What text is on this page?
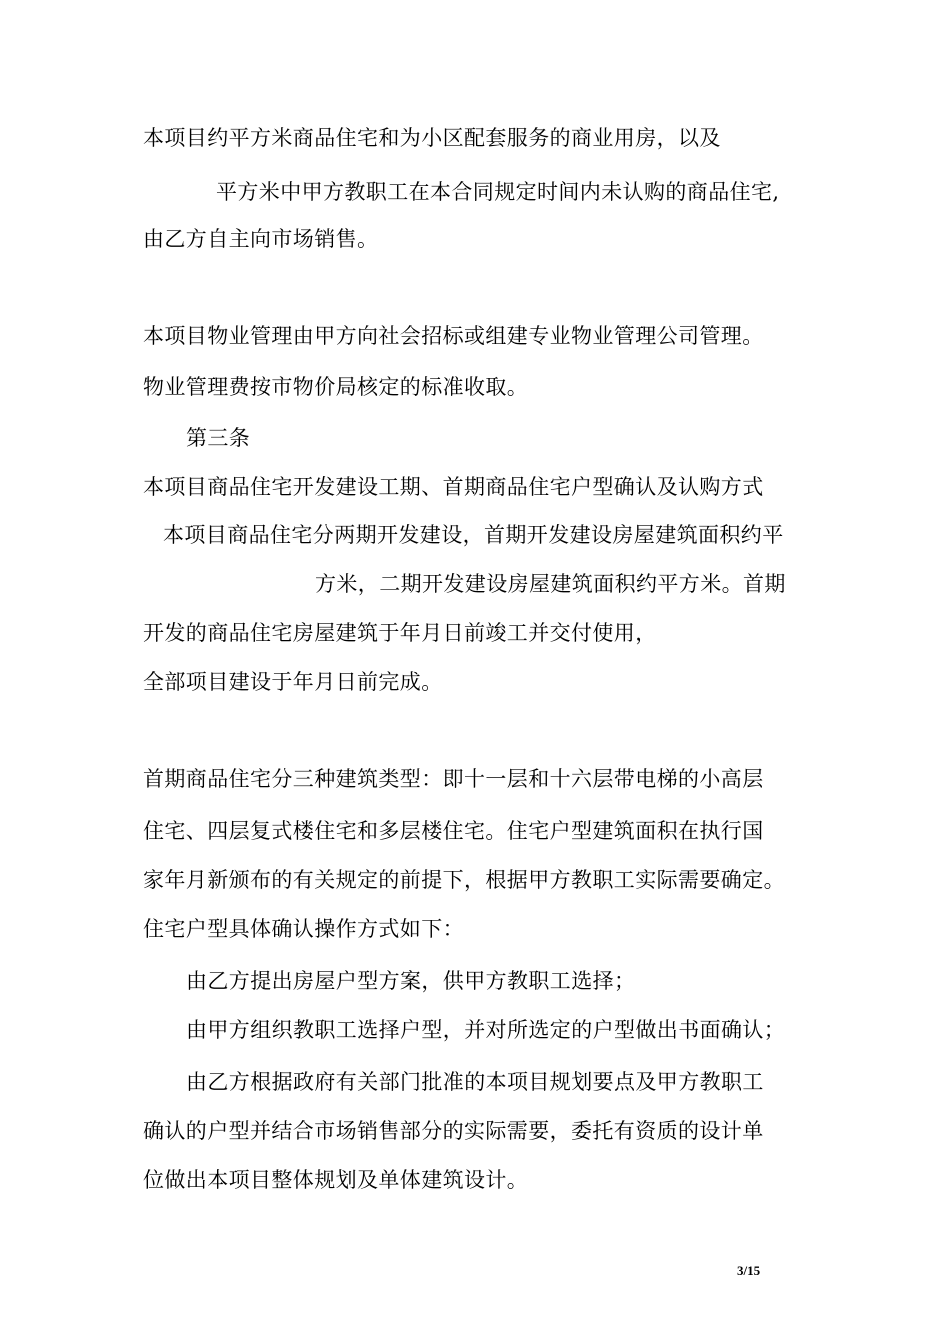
本项目约平方米商品住宅和为小区配套服务的商业用房，以及
平方米中甲方教职工在本合同规定时间内未认购的商品住宅,
由乙方自主向市场销售。
本项目物业管理由甲方向社会招标或组建专业物业管理公司管理。
物业管理费按市物价局核定的标准收取。
第三条
本项目商品住宅开发建设工期、首期商品住宅户型确认及认购方式
本项目商品住宅分两期开发建设，首期开发建设房屋建筑面积约平
方米，二期开发建设房屋建筑面积约平方米。首期
开发的商品住宅房屋建筑于年月日前竣工并交付使用，
全部项目建设于年月日前完成。
首期商品住宅分三种建筑类型：即十一层和十六层带电梯的小高层
住宅、四层复式楼住宅和多层楼住宅。住宅户型建筑面积在执行国
家年月新颁布的有关规定的前提下，根据甲方教职工实际需要确定。
住宅户型具体确认操作方式如下：
由乙方提出房屋户型方案，供甲方教职工选择；
由甲方组织教职工选择户型，并对所选定的户型做出书面确认；
由乙方根据政府有关部门批准的本项目规划要点及甲方教职工
确认的户型并结合市场销售部分的实际需要，委托有资质的设计单
位做出本项目整体规划及单体建筑设计。
3/15
